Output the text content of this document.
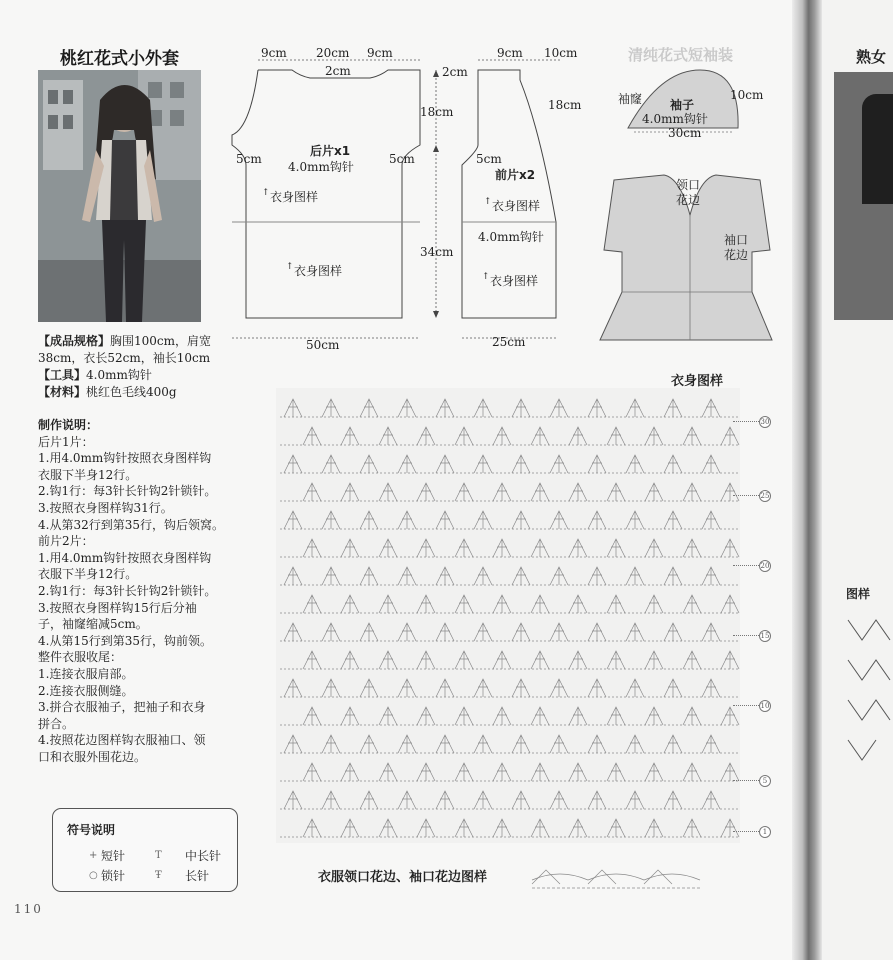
清纯花式短袖装
桃红花式小外套
【成品规格】胸围100cm，肩宽38cm，衣长52cm，袖长10cm
【工具】4.0mm钩针
【材料】桃红色毛线400g
制作说明：
后片1片：
1.用4.0mm钩针按照衣身图样钩
衣服下半身12行。
2.钩1行：每3针长针钩2针锁针。
3.按照衣身图样钩31行。
4.从第32行到第35行，钩后领窝。
前片2片：
1.用4.0mm钩针按照衣身图样钩
衣服下半身12行。
2.钩1行：每3针长针钩2针锁针。
3.按照衣身图样钩15行后分袖
子，袖窿缩减5cm。
4.从第15行到第35行，钩前领。
整件衣服收尾：
1.连接衣服肩部。
2.连接衣服侧缝。
3.拼合衣服袖子，把袖子和衣身
拼合。
4.按照花边图样钩衣服袖口、领
口和衣服外围花边。
符号说明
+ 短针	T 中长针
○ 锁针	Ŧ 长针
110
9cm 20cm 9cm
2cm
5cm	5cm
后片x1
4.0mm钩针
衣身图样
衣身图样
50cm
↑
↑
2cm
18cm
34cm
9cm 10cm
18cm
5cm
前片x2
衣身图样
4.0mm钩针
衣身图样
25cm
↑
↑
袖窿 袖子
4.0mm钩针
10cm
30cm
领口花边
袖口花边
衣身图样
衣服领口花边、袖口花边图样
30
25
20
15
10
5
1
熟女
图样
